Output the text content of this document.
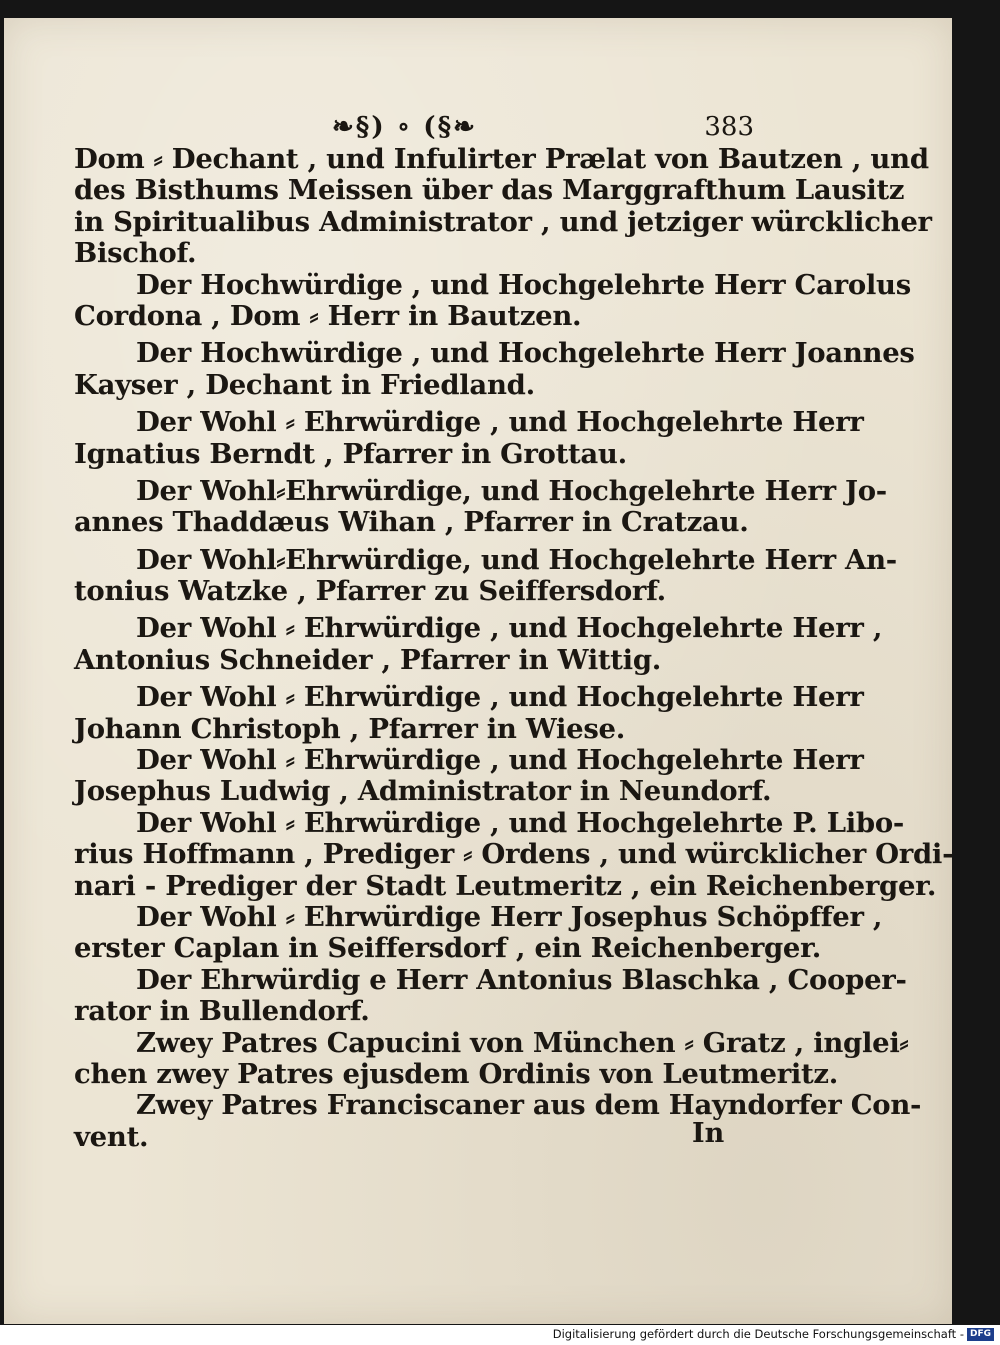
❧§) ∘ (§❧	383
Dom ⸗ Dechant , und Infulirter Prælat von Bautzen , und
des Bisthums Meissen über das Marggrafthum Lausitz
in Spiritualibus Administrator , und jetziger würcklicher
Bischof.
Der Hochwürdige , und Hochgelehrte Herr Carolus
Cordona , Dom ⸗ Herr in Bautzen.
Der Hochwürdige , und Hochgelehrte Herr Joannes
Kayser , Dechant in Friedland.
Der Wohl ⸗ Ehrwürdige , und Hochgelehrte Herr
Ignatius Berndt , Pfarrer in Grottau.
Der Wohl⸗Ehrwürdige, und Hochgelehrte Herr Jo-
annes Thaddæus Wihan , Pfarrer in Cratzau.
Der Wohl⸗Ehrwürdige, und Hochgelehrte Herr An-
tonius Watzke , Pfarrer zu Seiffersdorf.
Der Wohl ⸗ Ehrwürdige , und Hochgelehrte Herr ,
Antonius Schneider , Pfarrer in Wittig.
Der Wohl ⸗ Ehrwürdige , und Hochgelehrte Herr
Johann Christoph , Pfarrer in Wiese.
Der Wohl ⸗ Ehrwürdige , und Hochgelehrte Herr
Josephus Ludwig , Administrator in Neundorf.
Der Wohl ⸗ Ehrwürdige , und Hochgelehrte P. Libo-
rius Hoffmann , Prediger ⸗ Ordens , und würcklicher Ordi-
nari - Prediger der Stadt Leutmeritz , ein Reichenberger.
Der Wohl ⸗ Ehrwürdige Herr Josephus Schöpffer ,
erster Caplan in Seiffersdorf , ein Reichenberger.
Der Ehrwürdig e Herr Antonius Blaschka , Cooper-
rator in Bullendorf.
Zwey Patres Capucini von München ⸗ Gratz , inglei⸗
chen zwey Patres ejusdem Ordinis von Leutmeritz.
Zwey Patres Franciscaner aus dem Hayndorfer Con-
vent.	In
Digitalisierung gefördert durch die Deutsche Forschungsgemeinschaft - DFG
